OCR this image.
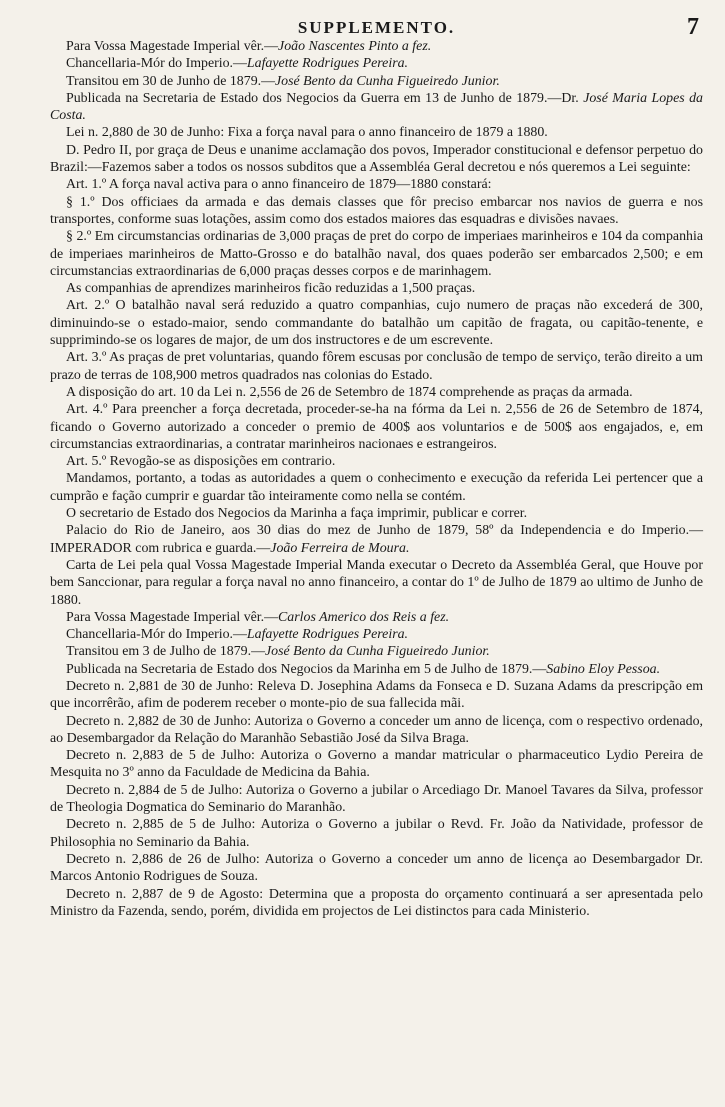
SUPPLEMENTO.	7

Para Vossa Magestade Imperial vêr.—João Nascentes Pinto a fez.

Chancellaria-Mór do Imperio.—Lafayette Rodrigues Pereira.

Transitou em 30 de Junho de 1879.—José Bento da Cunha Figueiredo Junior.

Publicada na Secretaria de Estado dos Negocios da Guerra em 13 de Junho de 1879.—Dr. José Maria Lopes da Costa.

Lei n. 2,880 de 30 de Junho: Fixa a força naval para o anno financeiro de 1879 a 1880.

D. Pedro II, por graça de Deus e unanime acclamação dos povos, Imperador constitucional e defensor perpetuo do Brazil:—Fazemos saber a todos os nossos subditos que a Assembléa Geral decretou e nós queremos a Lei seguinte:

Art. 1.º A força naval activa para o anno financeiro de 1879—1880 constará:

§ 1.º Dos officiaes da armada e das demais classes que fôr preciso embarcar nos navios de guerra e nos transportes, conforme suas lotações, assim como dos estados maiores das esquadras e divisões navaes.

§ 2.º Em circumstancias ordinarias de 3,000 praças de pret do corpo de imperiaes marinheiros e 104 da companhia de imperiaes marinheiros de Matto-Grosso e do batalhão naval, dos quaes poderão ser embarcados 2,500; e em circumstancias extraordinarias de 6,000 praças desses corpos e de marinhagem.

As companhias de aprendizes marinheiros ficão reduzidas a 1,500 praças.

Art. 2.º O batalhão naval será reduzido a quatro companhias, cujo numero de praças não excederá de 300, diminuindo-se o estado-maior, sendo commandante do batalhão um capitão de fragata, ou capitão-tenente, e supprimindo-se os logares de major, de um dos instructores e de um escrevente.

Art. 3.º As praças de pret voluntarias, quando fôrem escusas por conclusão de tempo de serviço, terão direito a um prazo de terras de 108,900 metros quadrados nas colonias do Estado.

A disposição do art. 10 da Lei n. 2,556 de 26 de Setembro de 1874 comprehende as praças da armada.

Art. 4.º Para preencher a força decretada, proceder-se-ha na fórma da Lei n. 2,556 de 26 de Setembro de 1874, ficando o Governo autorizado a conceder o premio de 400$ aos voluntarios e de 500$ aos engajados, e, em circumstancias extraordinarias, a contratar marinheiros nacionaes e estrangeiros.

Art. 5.º Revogão-se as disposições em contrario.

Mandamos, portanto, a todas as autoridades a quem o conhecimento e execução da referida Lei pertencer que a cumprão e fação cumprir e guardar tão inteiramente como nella se contém.

O secretario de Estado dos Negocios da Marinha a faça imprimir, publicar e correr.

Palacio do Rio de Janeiro, aos 30 dias do mez de Junho de 1879, 58º da Independencia e do Imperio.—IMPERADOR com rubrica e guarda.—João Ferreira de Moura.

Carta de Lei pela qual Vossa Magestade Imperial Manda executar o Decreto da Assembléa Geral, que Houve por bem Sanccionar, para regular a força naval no anno financeiro, a contar do 1º de Julho de 1879 ao ultimo de Junho de 1880.

Para Vossa Magestade Imperial vêr.—Carlos Americo dos Reis a fez.

Chancellaria-Mór do Imperio.—Lafayette Rodrigues Pereira.

Transitou em 3 de Julho de 1879.—José Bento da Cunha Figueiredo Junior.

Publicada na Secretaria de Estado dos Negocios da Marinha em 5 de Julho de 1879.—Sabino Eloy Pessoa.

Decreto n. 2,881 de 30 de Junho: Releva D. Josephina Adams da Fonseca e D. Suzana Adams da prescripção em que incorrêrão, afim de poderem receber o monte-pio de sua fallecida mãi.

Decreto n. 2,882 de 30 de Junho: Autoriza o Governo a conceder um anno de licença, com o respectivo ordenado, ao Desembargador da Relação do Maranhão Sebastião José da Silva Braga.

Decreto n. 2,883 de 5 de Julho: Autoriza o Governo a mandar matricular o pharmaceutico Lydio Pereira de Mesquita no 3º anno da Faculdade de Medicina da Bahia.

Decreto n. 2,884 de 5 de Julho: Autoriza o Governo a jubilar o Arcediago Dr. Manoel Tavares da Silva, professor de Theologia Dogmatica do Seminario do Maranhão.

Decreto n. 2,885 de 5 de Julho: Autoriza o Governo a jubilar o Revd. Fr. João da Natividade, professor de Philosophia no Seminario da Bahia.

Decreto n. 2,886 de 26 de Julho: Autoriza o Governo a conceder um anno de licença ao Desembargador Dr. Marcos Antonio Rodrigues de Souza.

Decreto n. 2,887 de 9 de Agosto: Determina que a proposta do orçamento continuará a ser apresentada pelo Ministro da Fazenda, sendo, porém, dividida em projectos de Lei distinctos para cada Ministerio.
